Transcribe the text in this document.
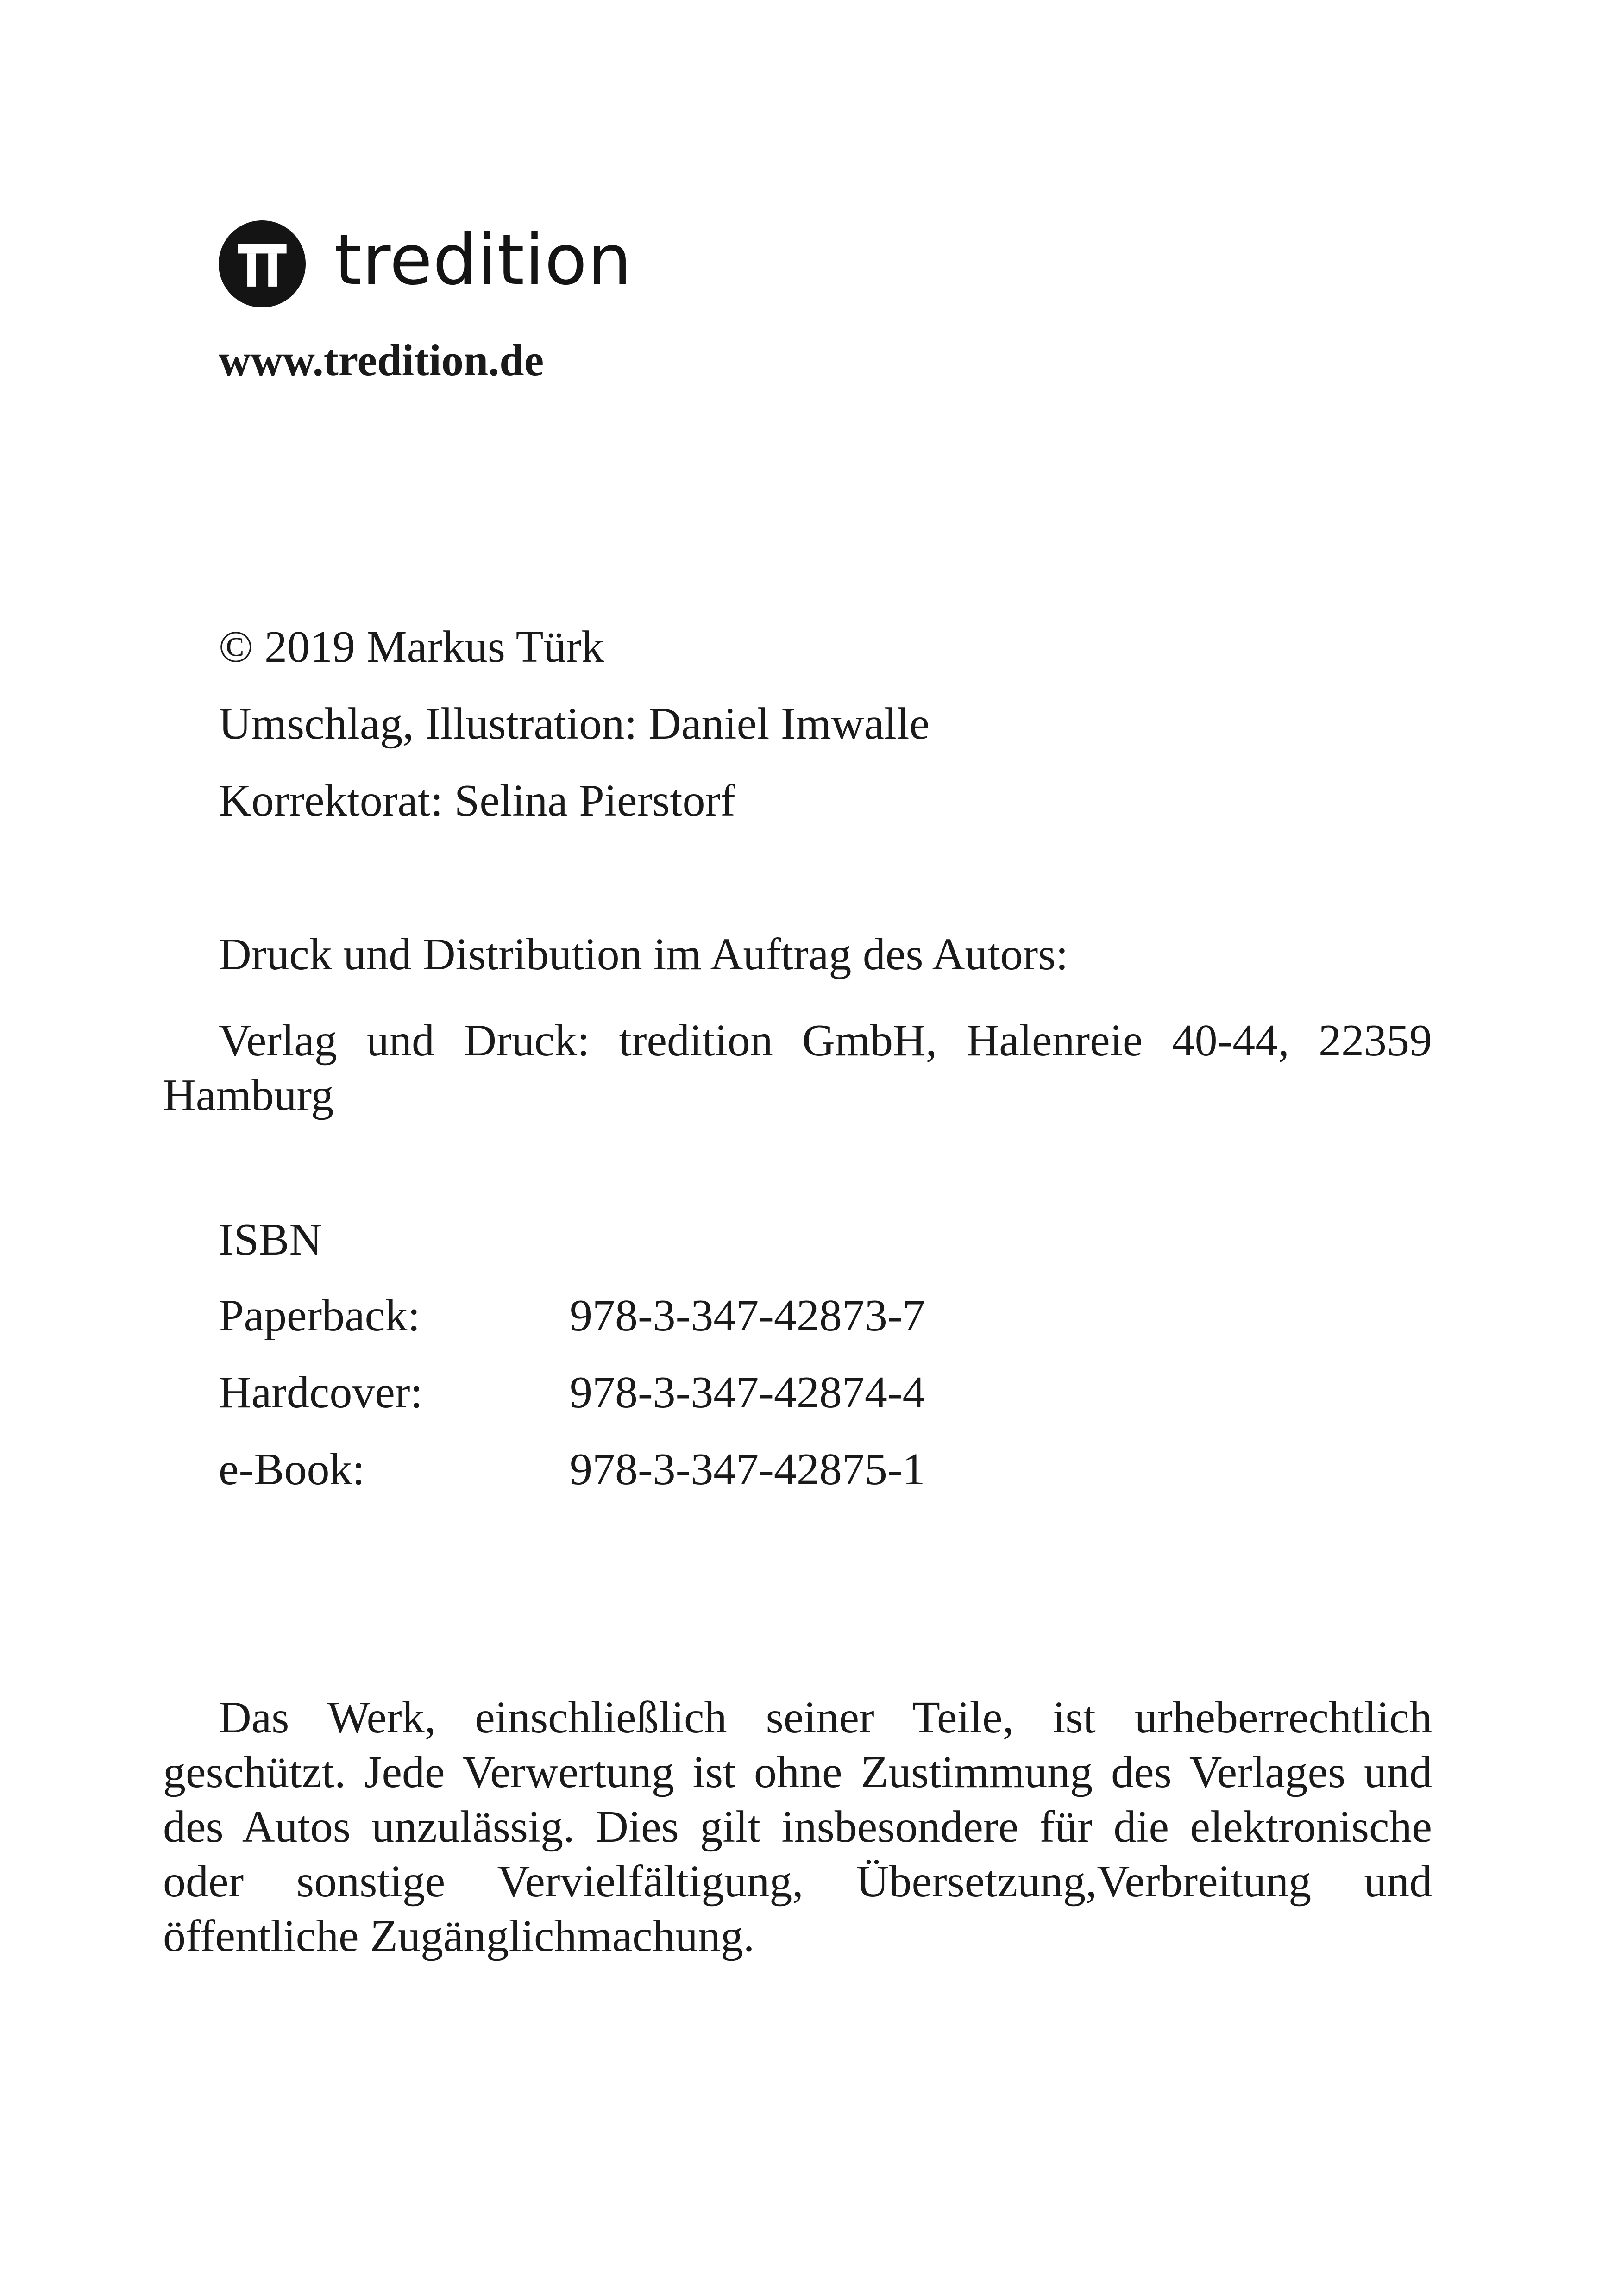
tredition
www.tredition.de
© 2019 Markus Türk
Umschlag, Illustration: Daniel Imwalle
Korrektorat: Selina Pierstorf
Druck und Distribution im Auftrag des Autors:

Verlag und Druck: tredition GmbH, Halenreie 40-44, 22359 Hamburg

ISBN
Paperback:	978-3-347-42873-7
Hardcover:	978-3-347-42874-4
e-Book:	978-3-347-42875-1

Das Werk, einschließlich seiner Teile, ist urheberrechtlich geschützt. Jede Verwertung ist ohne Zustimmung des Verlages und des Autos unzulässig. Dies gilt insbesondere für die elektronische oder sonstige Vervielfältigung, Übersetzung,Verbreitung und öffentliche Zugänglichmachung.
